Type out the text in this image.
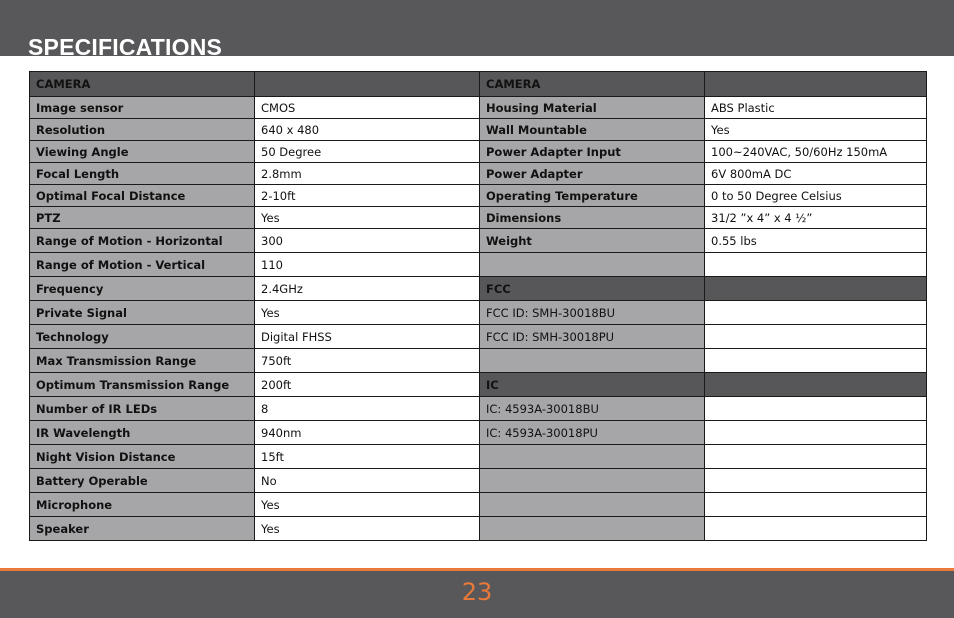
SPECIFICATIONS
CAMERA		CAMERA	
Image sensor	CMOS	Housing Material	ABS Plastic
Resolution	640 x 480	Wall Mountable	Yes
Viewing Angle	50 Degree	Power Adapter Input	100~240VAC, 50/60Hz 150mA
Focal Length	2.8mm	Power Adapter	6V 800mA DC
Optimal Focal Distance	2-10ft	Operating Temperature	0 to 50 Degree Celsius
PTZ	Yes	Dimensions	31/2 ”x 4” x 4 ½”
Range of Motion - Horizontal	300	Weight	0.55 lbs
Range of Motion - Vertical	110		
Frequency	2.4GHz	FCC	
Private Signal	Yes	FCC ID: SMH-30018BU	
Technology	Digital FHSS	FCC ID: SMH-30018PU	
Max Transmission Range	750ft		
Optimum Transmission Range	200ft	IC	
Number of IR LEDs	8	IC: 4593A-30018BU	
IR Wavelength	940nm	IC: 4593A-30018PU	
Night Vision Distance	15ft		
Battery Operable	No		
Microphone	Yes		
Speaker	Yes		
23
